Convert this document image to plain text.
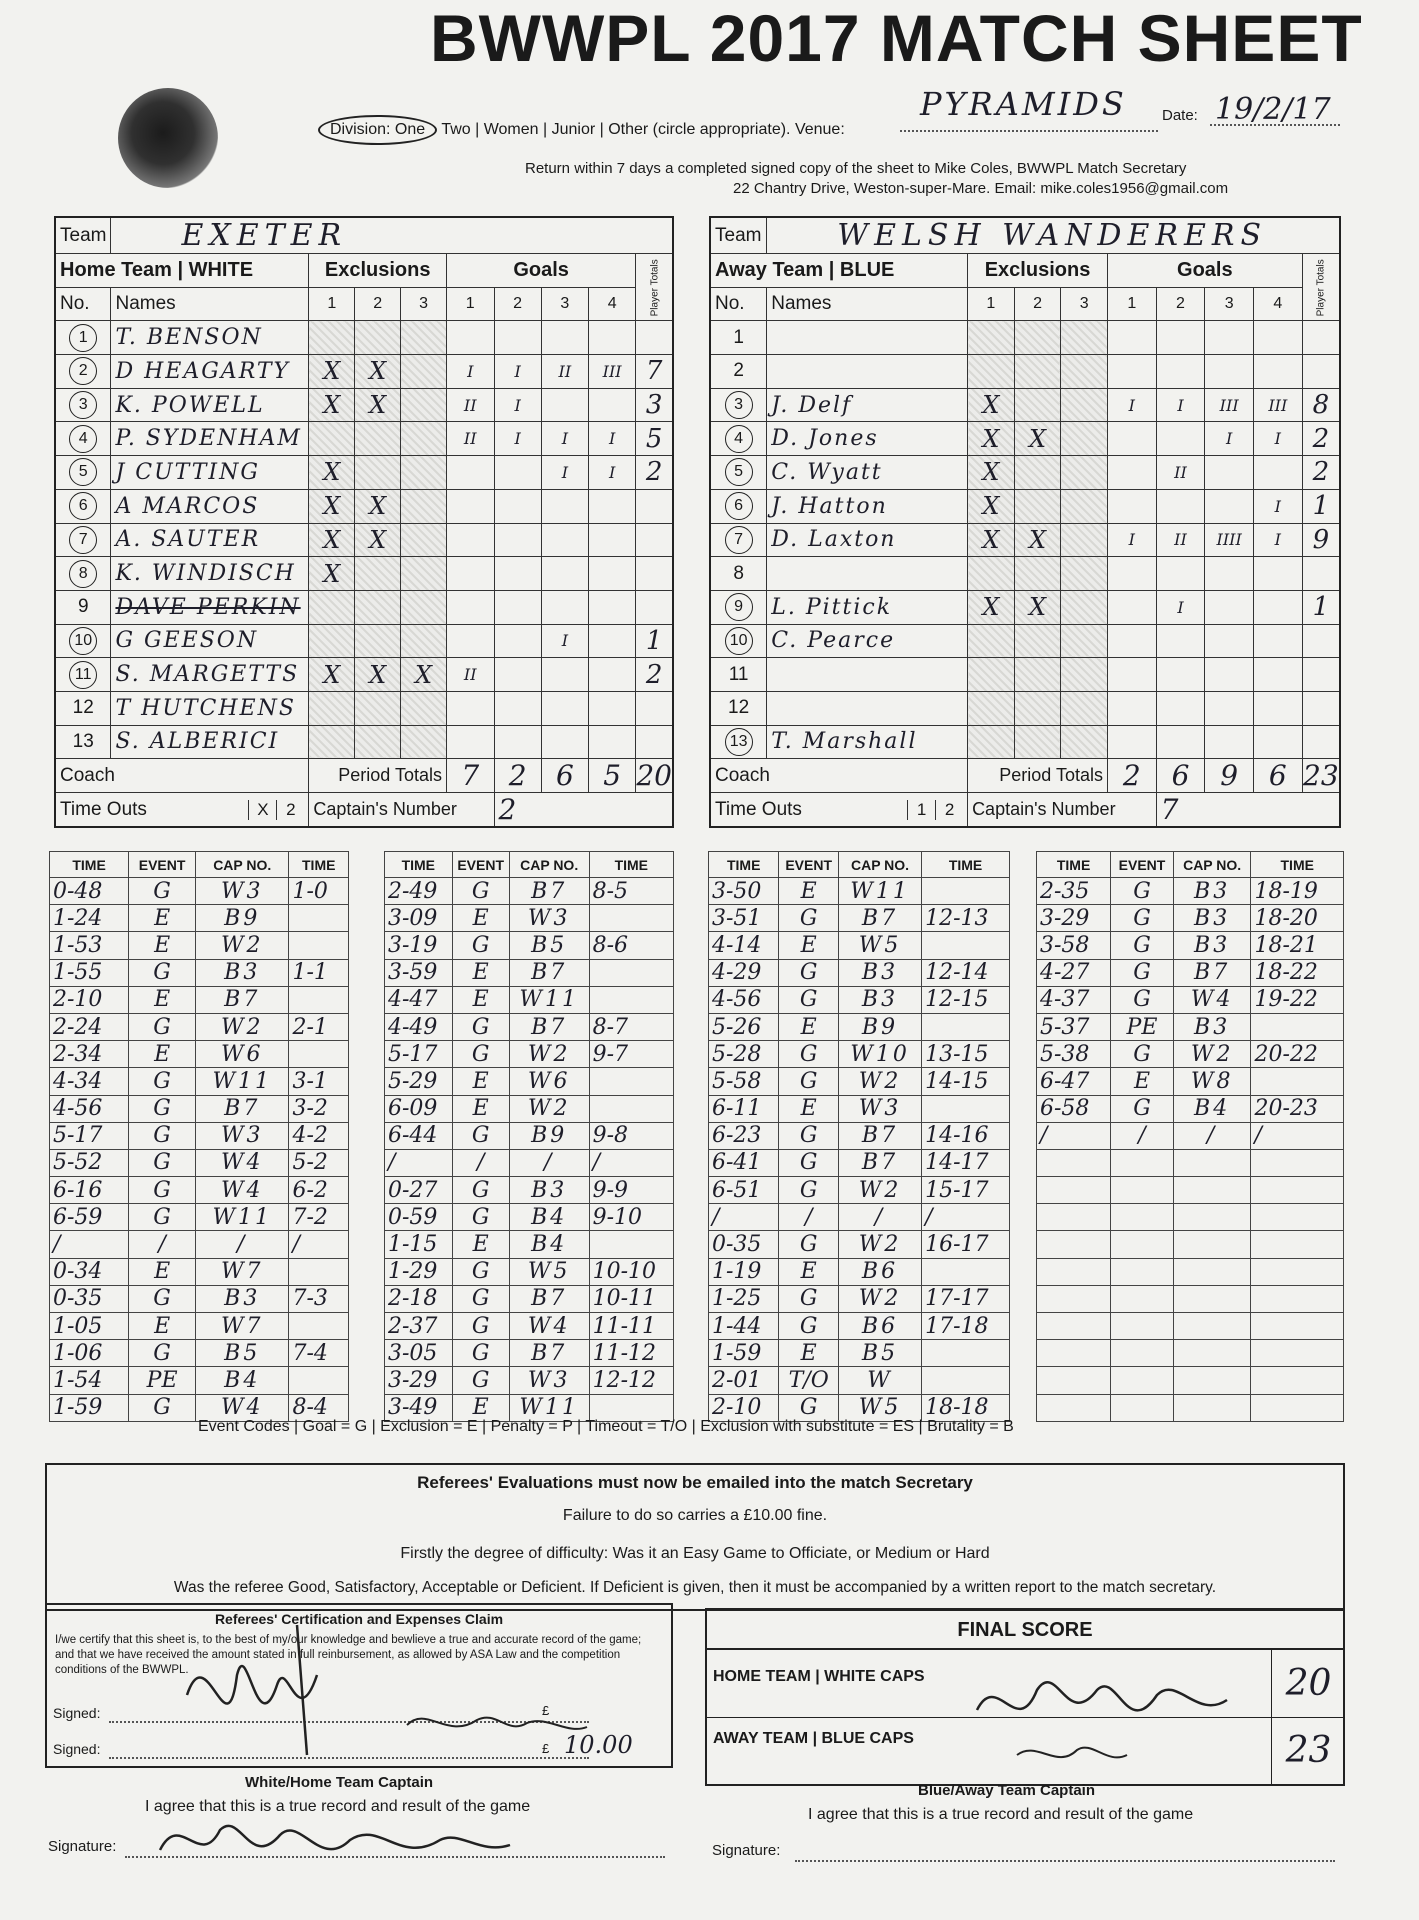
BWWPL 2017 MATCH SHEET
Division: One Two | Women | Junior | Other (circle appropriate). Venue:
PYRAMIDS Date: 19/2/17
Return within 7 days a completed signed copy of the sheet to Mike Coles, BWWPL Match Secretary
22 Chantry Drive, Weston-super-Mare. Email: mike.coles1956@gmail.com
Team	EXETER								
Home Team | WHITE		Exclusions			Goals				Player Totals
No.	Names	1	2	3	1	2	3	4	
1	T. BENSON								
2	D HEAGARTY	X	X		I	I	II	III	7
3	K. POWELL	X	X		II	I			3
4	P. SYDENHAM				II	I	I	I	5
5	J CUTTING	X					I	I	2
6	A MARCOS	X	X						
7	A. SAUTER	X	X						
8	K. WINDISCH	X							
9	DAVE PERKIN								
10	G GEESON						I		1
11	S. MARGETTS	X	X	X	II				2
12	T HUTCHENS								
13	S. ALBERICI								
Coach		Period Totals			7	2	6	5	20
Time Outs X 2		Captain's Number				2			
Team	WELSH WANDERERS								
Away Team | BLUE		Exclusions			Goals				Player Totals
No.	Names	1	2	3	1	2	3	4	
1									
2									
3	J. Delf	X			I	I	III	III	8
4	D. Jones	X	X				I	I	2
5	C. Wyatt	X				II			2
6	J. Hatton	X						I	1
7	D. Laxton	X	X		I	II	IIII	I	9
8									
9	L. Pittick	X	X			I			1
10	C. Pearce								
11									
12									
13	T. Marshall								
Coach		Period Totals			2	6	9	6	23
Time Outs 1 2		Captain's Number				7			
TIME	EVENT	CAP NO.	TIME
0-48	G	W3	1-0
1-24	E	B9	
1-53	E	W2	
1-55	G	B3	1-1
2-10	E	B7	
2-24	G	W2	2-1
2-34	E	W6	
4-34	G	W11	3-1
4-56	G	B7	3-2
5-17	G	W3	4-2
5-52	G	W4	5-2
6-16	G	W4	6-2
6-59	G	W11	7-2
/	/	/	/
0-34	E	W7	
0-35	G	B3	7-3
1-05	E	W7	
1-06	G	B5	7-4
1-54	PE	B4	
1-59	G	W4	8-4
TIME	EVENT	CAP NO.	TIME
2-49	G	B7	8-5
3-09	E	W3	
3-19	G	B5	8-6
3-59	E	B7	
4-47	E	W11	
4-49	G	B7	8-7
5-17	G	W2	9-7
5-29	E	W6	
6-09	E	W2	
6-44	G	B9	9-8
/	/	/	/
0-27	G	B3	9-9
0-59	G	B4	9-10
1-15	E	B4	
1-29	G	W5	10-10
2-18	G	B7	10-11
2-37	G	W4	11-11
3-05	G	B7	11-12
3-29	G	W3	12-12
3-49	E	W11	
TIME	EVENT	CAP NO.	TIME
3-50	E	W11	
3-51	G	B7	12-13
4-14	E	W5	
4-29	G	B3	12-14
4-56	G	B3	12-15
5-26	E	B9	
5-28	G	W10	13-15
5-58	G	W2	14-15
6-11	E	W3	
6-23	G	B7	14-16
6-41	G	B7	14-17
6-51	G	W2	15-17
/	/	/	/
0-35	G	W2	16-17
1-19	E	B6	
1-25	G	W2	17-17
1-44	G	B6	17-18
1-59	E	B5	
2-01	T/O	W	
2-10	G	W5	18-18
TIME	EVENT	CAP NO.	TIME
2-35	G	B3	18-19
3-29	G	B3	18-20
3-58	G	B3	18-21
4-27	G	B7	18-22
4-37	G	W4	19-22
5-37	PE	B3	
5-38	G	W2	20-22
6-47	E	W8	
6-58	G	B4	20-23
/	/	/	/

Event Codes | Goal = G | Exclusion = E | Penalty = P | Timeout = T/O | Exclusion with substitute = ES | Brutality = B

Referees' Evaluations must now be emailed into the match Secretary

Failure to do so carries a £10.00 fine.

Firstly the degree of difficulty: Was it an Easy Game to Officiate, or Medium or Hard

Was the referee Good, Satisfactory, Acceptable or Deficient. If Deficient is given, then it must be accompanied by a written report to the match secretary.

Referees' Certification and Expenses Claim
I/we certify that this sheet is, to the best of my/our knowledge and bewlieve a true and accurate record of the game; and that we have received the amount stated in full reinbursement, as allowed by ASA Law and the competition conditions of the BWWPL.
Signed:	£
Signed:	£ 10.00
FINAL SCORE
HOME TEAM | WHITE CAPS	20
AWAY TEAM | BLUE CAPS	23
White/Home Team Captain
I agree that this is a true record and result of the game
Signature:
Blue/Away Team Captain
I agree that this is a true record and result of the game
Signature:
